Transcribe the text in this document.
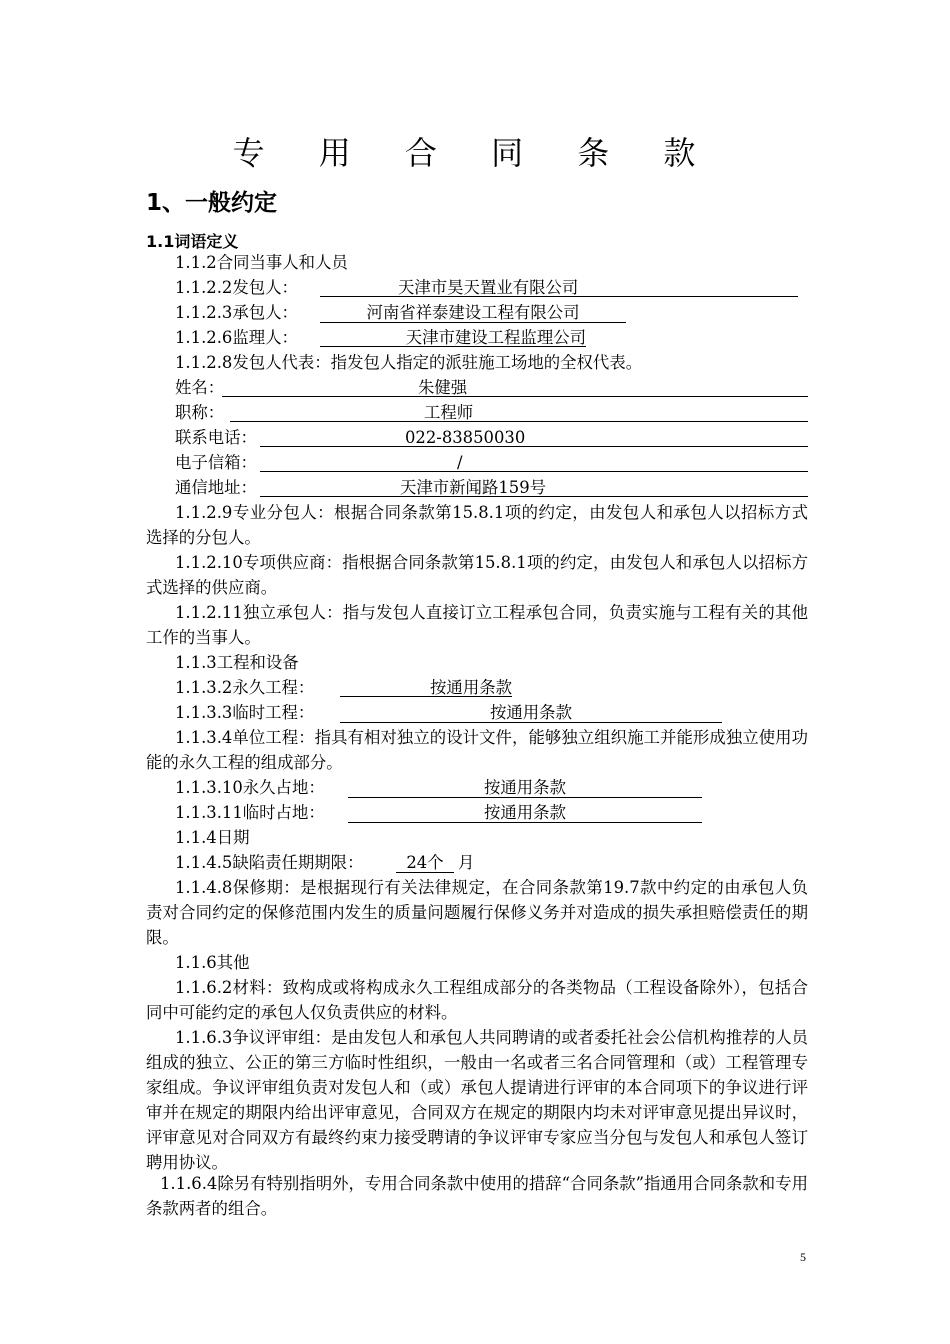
专 用 合 同 条 款
1、一般约定
1.1词语定义
1.1.2合同当事人和人员
1.1.2.2发包人：	天津市昊天置业有限公司
1.1.2.3承包人：	河南省祥泰建设工程有限公司
1.1.2.6监理人：	天津市建设工程监理公司
1.1.2.8发包人代表：指发包人指定的派驻施工场地的全权代表。
姓名：	朱健强
职称：	工程师
联系电话：	022-83850030
电子信箱：	/
通信地址：	天津市新闻路159号
1.1.2.9专业分包人：根据合同条款第15.8.1项的约定，由发包人和承包人以招标方式选择的分包人。
1.1.2.10专项供应商：指根据合同条款第15.8.1项的约定，由发包人和承包人以招标方式选择的供应商。
1.1.2.11独立承包人：指与发包人直接订立工程承包合同，负责实施与工程有关的其他工作的当事人。
1.1.3工程和设备
1.1.3.2永久工程：	按通用条款
1.1.3.3临时工程：	按通用条款
1.1.3.4单位工程：指具有相对独立的设计文件，能够独立组织施工并能形成独立使用功能的永久工程的组成部分。
1.1.3.10永久占地：	按通用条款
1.1.3.11临时占地：	按通用条款
1.1.4日期
1.1.4.5缺陷责任期期限：	24个 月
1.1.4.8保修期：是根据现行有关法律规定，在合同条款第19.7款中约定的由承包人负责对合同约定的保修范围内发生的质量问题履行保修义务并对造成的损失承担赔偿责任的期限。
1.1.6其他
1.1.6.2材料：致构成或将构成永久工程组成部分的各类物品（工程设备除外），包括合同中可能约定的承包人仅负责供应的材料。
1.1.6.3争议评审组：是由发包人和承包人共同聘请的或者委托社会公信机构推荐的人员组成的独立、公正的第三方临时性组织，一般由一名或者三名合同管理和（或）工程管理专家组成。争议评审组负责对发包人和（或）承包人提请进行评审的本合同项下的争议进行评审并在规定的期限内给出评审意见，合同双方在规定的期限内均未对评审意见提出异议时，评审意见对合同双方有最终约束力接受聘请的争议评审专家应当分包与发包人和承包人签订聘用协议。
1.1.6.4除另有特别指明外，专用合同条款中使用的措辞“合同条款”指通用合同条款和专用条款两者的组合。
5
